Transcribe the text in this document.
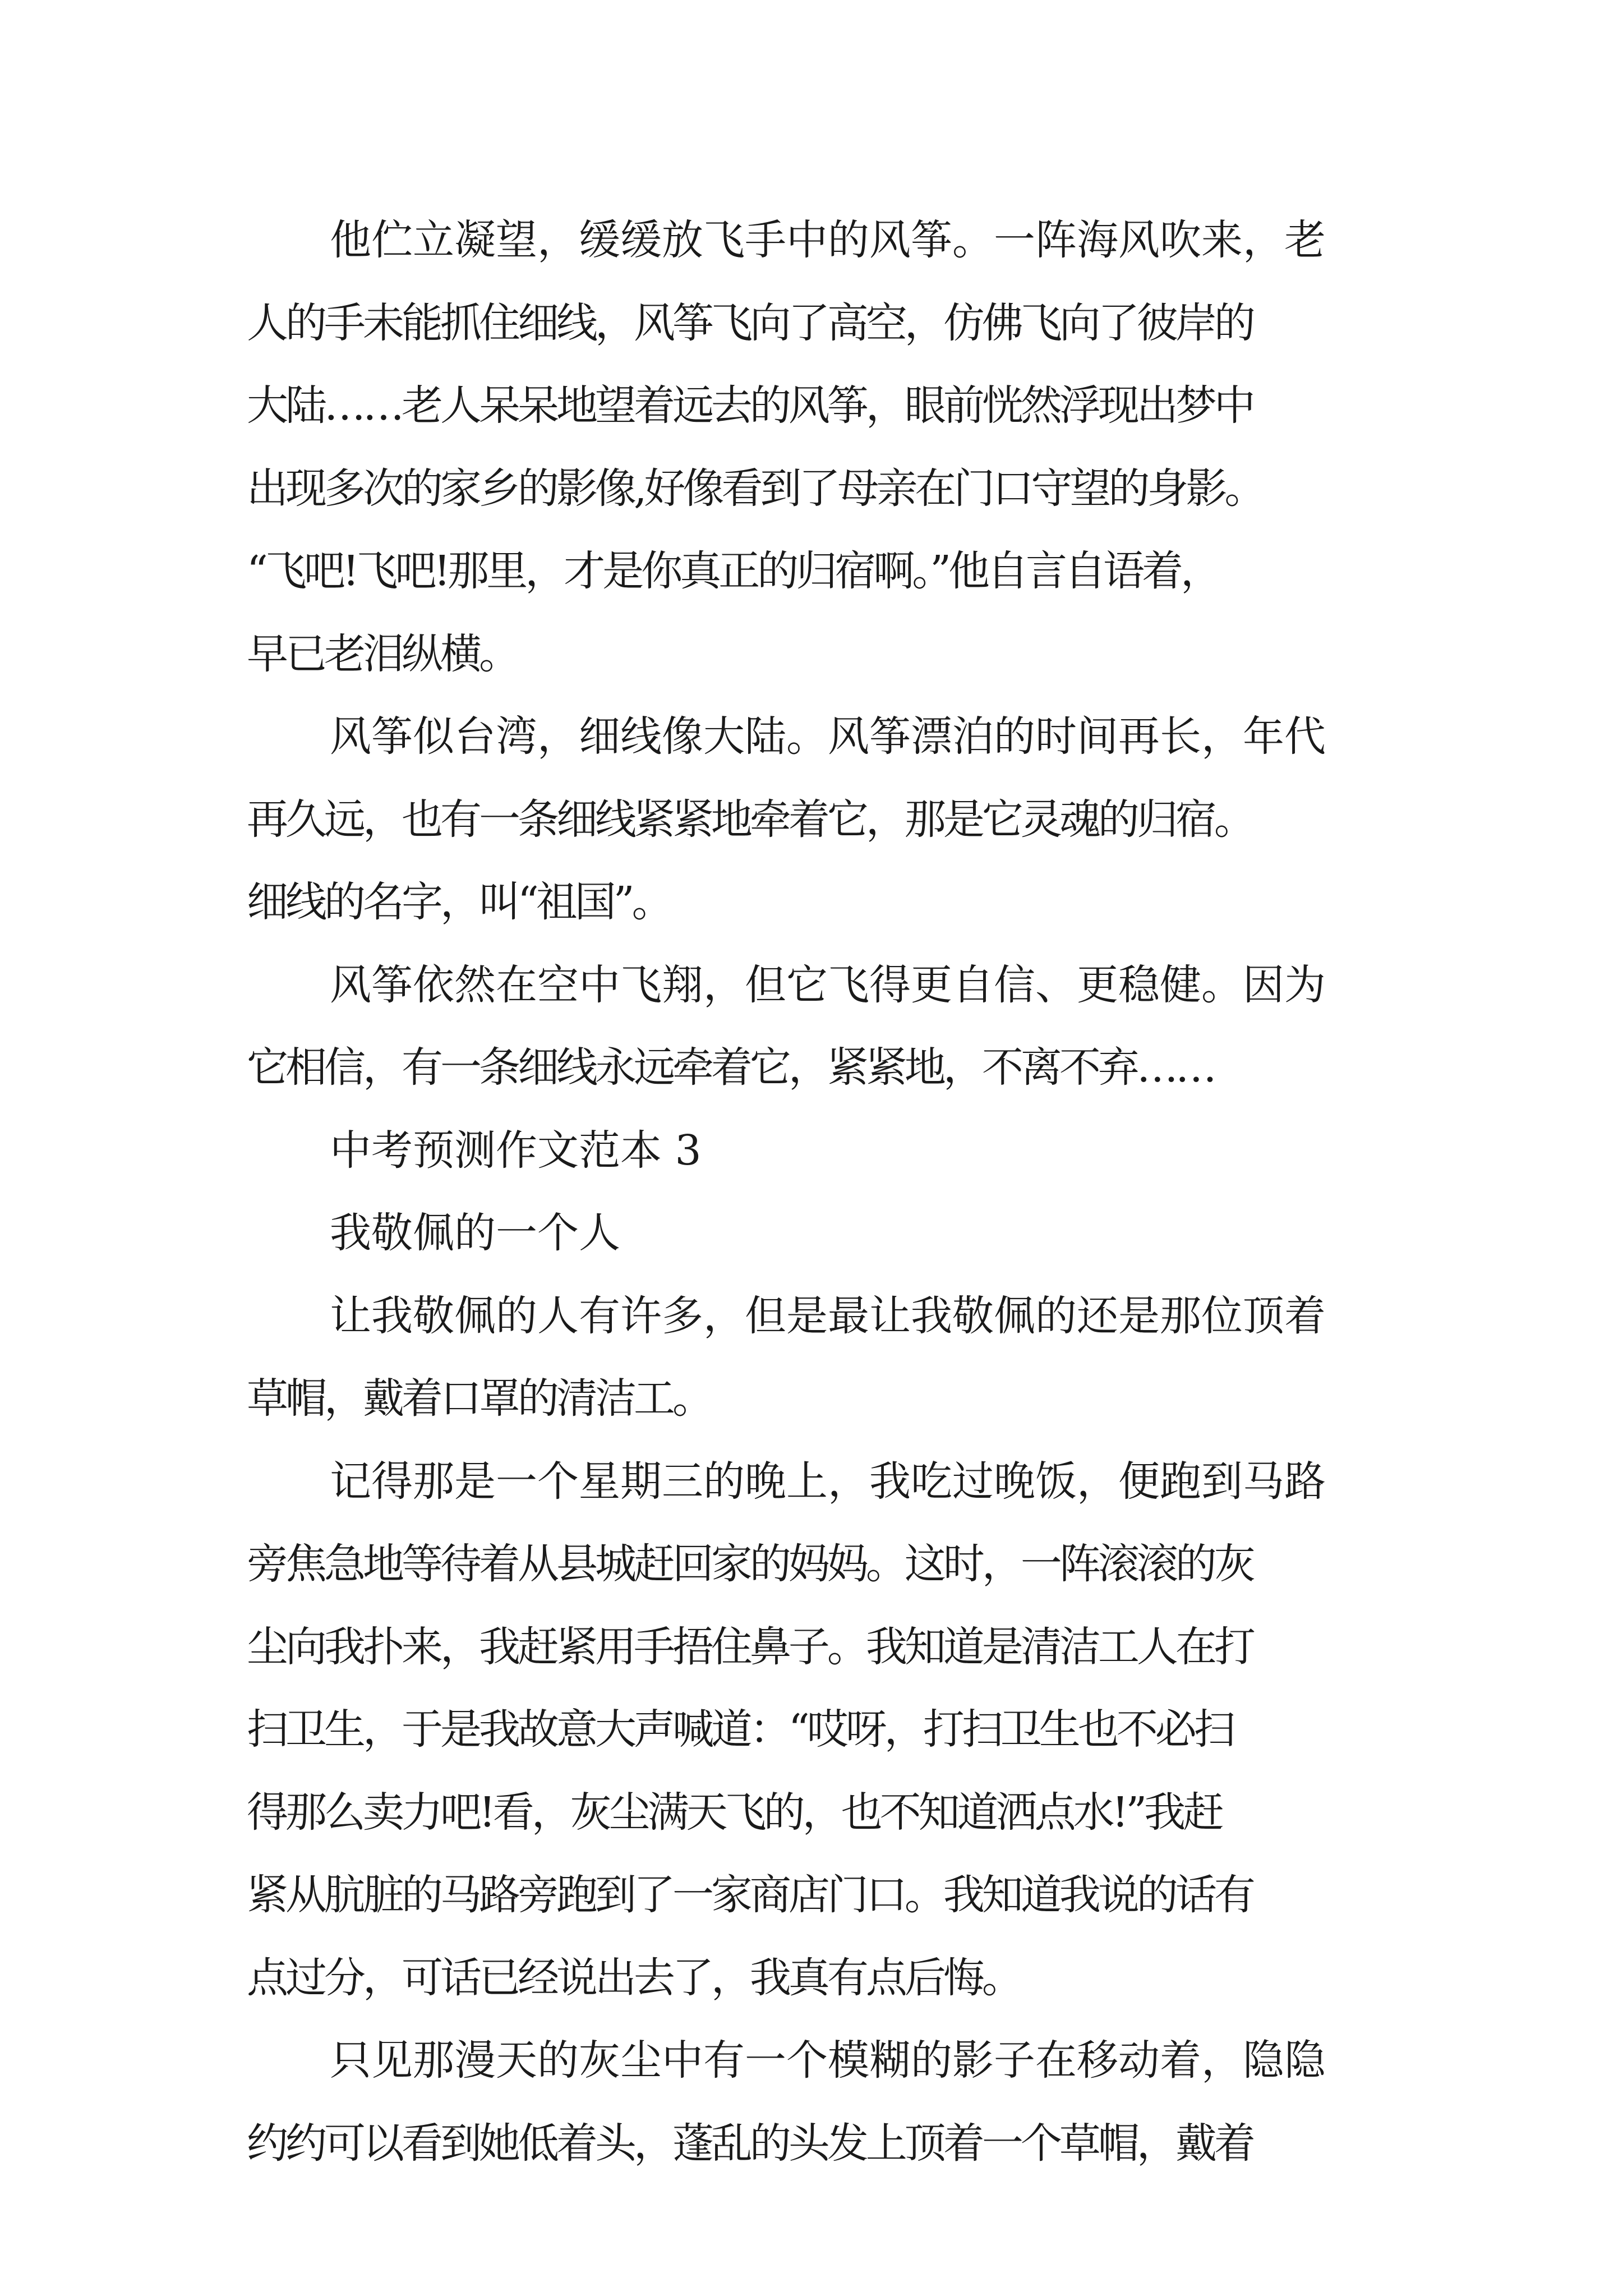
他伫立凝望，缓缓放飞手中的风筝。一阵海风吹来，老
人的手未能抓住细线，风筝飞向了高空，仿佛飞向了彼岸的
大陆……老人呆呆地望着远去的风筝，眼前恍然浮现出梦中
出现多次的家乡的影像,好像看到了母亲在门口守望的身影。
“飞吧!飞吧!那里，才是你真正的归宿啊。”他自言自语着，
早已老泪纵横。

风筝似台湾，细线像大陆。风筝漂泊的时间再长，年代
再久远，也有一条细线紧紧地牵着它，那是它灵魂的归宿。
细线的名字，叫“祖国”。

风筝依然在空中飞翔，但它飞得更自信、更稳健。因为
它相信，有一条细线永远牵着它，紧紧地，不离不弃……

中考预测作文范本 3

我敬佩的一个人

让我敬佩的人有许多，但是最让我敬佩的还是那位顶着
草帽，戴着口罩的清洁工。

记得那是一个星期三的晚上，我吃过晚饭，便跑到马路
旁焦急地等待着从县城赶回家的妈妈。这时，一阵滚滚的灰
尘向我扑来，我赶紧用手捂住鼻子。我知道是清洁工人在打
扫卫生，于是我故意大声喊道：“哎呀，打扫卫生也不必扫
得那么卖力吧!看，灰尘满天飞的，也不知道洒点水!”我赶
紧从肮脏的马路旁跑到了一家商店门口。我知道我说的话有
点过分，可话已经说出去了，我真有点后悔。

只见那漫天的灰尘中有一个模糊的影子在移动着，隐隐
约约可以看到她低着头，蓬乱的头发上顶着一个草帽，戴着
